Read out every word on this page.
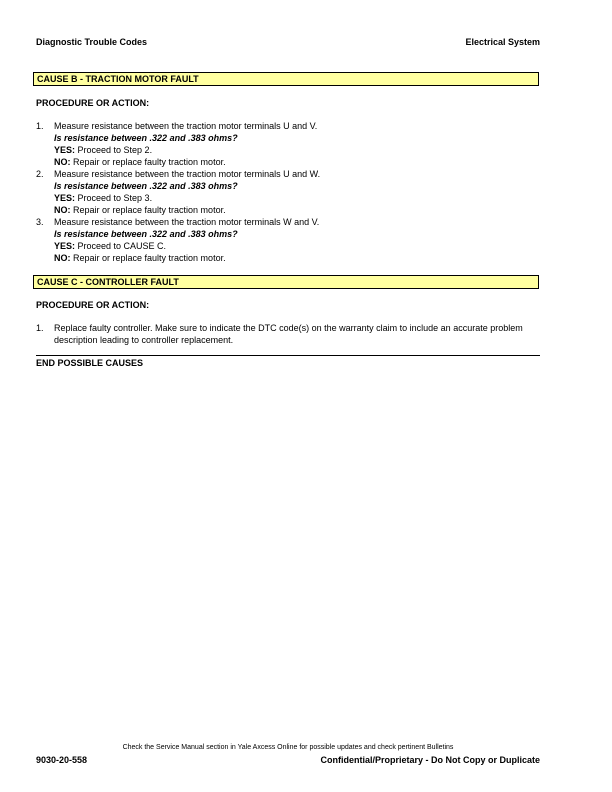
Diagnostic Trouble Codes	Electrical System
CAUSE B - TRACTION MOTOR FAULT
PROCEDURE OR ACTION:
1. Measure resistance between the traction motor terminals U and V.
Is resistance between .322 and .383 ohms?
YES: Proceed to Step 2.
NO: Repair or replace faulty traction motor.
2. Measure resistance between the traction motor terminals U and W.
Is resistance between .322 and .383 ohms?
YES: Proceed to Step 3.
NO: Repair or replace faulty traction motor.
3. Measure resistance between the traction motor terminals W and V.
Is resistance between .322 and .383 ohms?
YES: Proceed to CAUSE C.
NO: Repair or replace faulty traction motor.
CAUSE C - CONTROLLER FAULT
PROCEDURE OR ACTION:
1. Replace faulty controller. Make sure to indicate the DTC code(s) on the warranty claim to include an accurate problem description leading to controller replacement.
END POSSIBLE CAUSES
Check the Service Manual section in Yale Axcess Online for possible updates and check pertinent Bulletins
9030-20-558	Confidential/Proprietary - Do Not Copy or Duplicate
